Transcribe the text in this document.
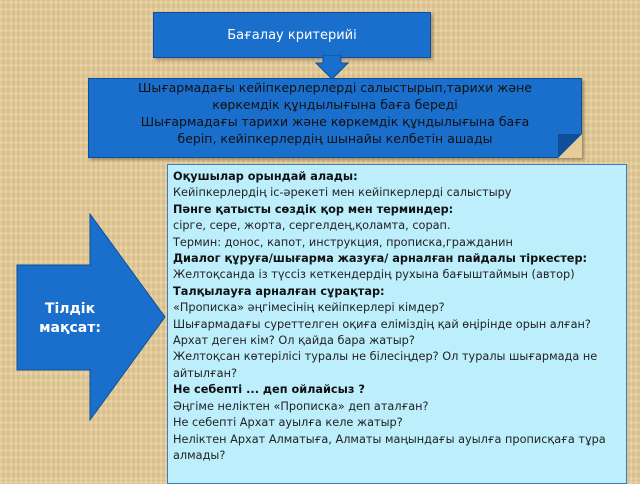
Бағалау критерийі
Шығармадағы кейіпкерлерлерді салыстырып,тарихи және көркемдік құндылығына баға береді
Шығармадағы тарихи және көркемдік құндылығына баға беріп, кейіпкерлердің шынайы келбетін ашады
Тілдік мақсат:
Оқушылар орындай алады:
Кейіпкерлердің іс-әрекеті мен кейіпкерлерді салыстыру
Пәнге қатысты сөздік қор мен терминдер:
сірге, сере, жорта, сергелдең,қоламта, сорап.
Термин: донос, капот, инструкция, прописка,гражданин
Диалог құруға/шығарма жазуға/ арналған пайдалы тіркестер:
Желтоқсанда із түссіз кеткендердің рухына бағыштаймын (автор)
Талқылауға арналған сұрақтар:
«Прописка» әңгімесінің кейіпкерлері кімдер?
Шығармадағы суреттелген оқиға еліміздің қай өңірінде орын алған?
Архат деген кім? Ол қайда бара жатыр?
Желтоқсан көтерілісі туралы не білесіңдер? Ол туралы шығармада не айтылған?
Не себепті ... деп ойлайсыз ?
Әңгіме неліктен «Прописка» деп аталған?
Не себепті Архат ауылға келе жатыр?
Неліктен Архат Алматыға, Алматы маңындағы ауылға прописқаға тұра алмады?
